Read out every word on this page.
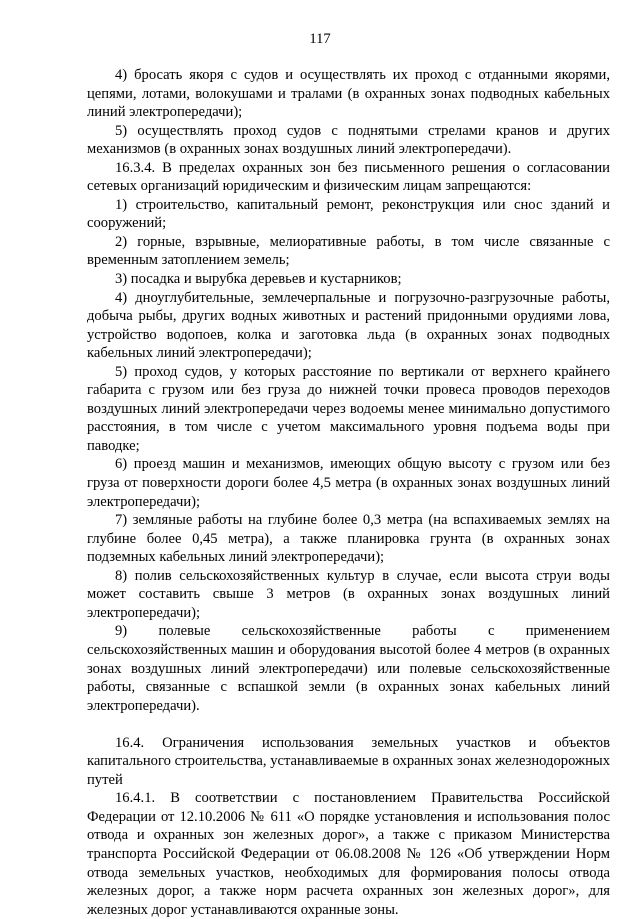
117

4) бросать якоря с судов и осуществлять их проход с отданными якорями, цепями, лотами, волокушами и тралами (в охранных зонах подводных кабельных линий электропередачи);

5) осуществлять проход судов с поднятыми стрелами кранов и других механизмов (в охранных зонах воздушных линий электропередачи).

16.3.4. В пределах охранных зон без письменного решения о согласовании сетевых организаций юридическим и физическим лицам запрещаются:

1) строительство, капитальный ремонт, реконструкция или снос зданий и сооружений;

2) горные, взрывные, мелиоративные работы, в том числе связанные с временным затоплением земель;

3) посадка и вырубка деревьев и кустарников;

4) дноуглубительные, землечерпальные и погрузочно-разгрузочные работы, добыча рыбы, других водных животных и растений придонными орудиями лова, устройство водопоев, колка и заготовка льда (в охранных зонах подводных кабельных линий электропередачи);

5) проход судов, у которых расстояние по вертикали от верхнего крайнего габарита с грузом или без груза до нижней точки провеса проводов переходов воздушных линий электропередачи через водоемы менее минимально допустимого расстояния, в том числе с учетом максимального уровня подъема воды при паводке;

6) проезд машин и механизмов, имеющих общую высоту с грузом или без груза от поверхности дороги более 4,5 метра (в охранных зонах воздушных линий электропередачи);

7) земляные работы на глубине более 0,3 метра (на вспахиваемых землях на глубине более 0,45 метра), а также планировка грунта (в охранных зонах подземных кабельных линий электропередачи);

8) полив сельскохозяйственных культур в случае, если высота струи воды может составить свыше 3 метров (в охранных зонах воздушных линий электропередачи);

9) полевые сельскохозяйственные работы с применением сельскохозяйственных машин и оборудования высотой более 4 метров (в охранных зонах воздушных линий электропередачи) или полевые сельскохозяйственные работы, связанные с вспашкой земли (в охранных зонах кабельных линий электропередачи).

16.4. Ограничения использования земельных участков и объектов капитального строительства, устанавливаемые в охранных зонах железнодорожных путей

16.4.1. В соответствии с постановлением Правительства Российской Федерации от 12.10.2006 № 611 «О порядке установления и использования полос отвода и охранных зон железных дорог», а также с приказом Министерства транспорта Российской Федерации от 06.08.2008 № 126 «Об утверждении Норм отвода земельных участков, необходимых для формирования полосы отвода железных дорог, а также норм расчета охранных зон железных дорог», для железных дорог устанавливаются охранные зоны.
